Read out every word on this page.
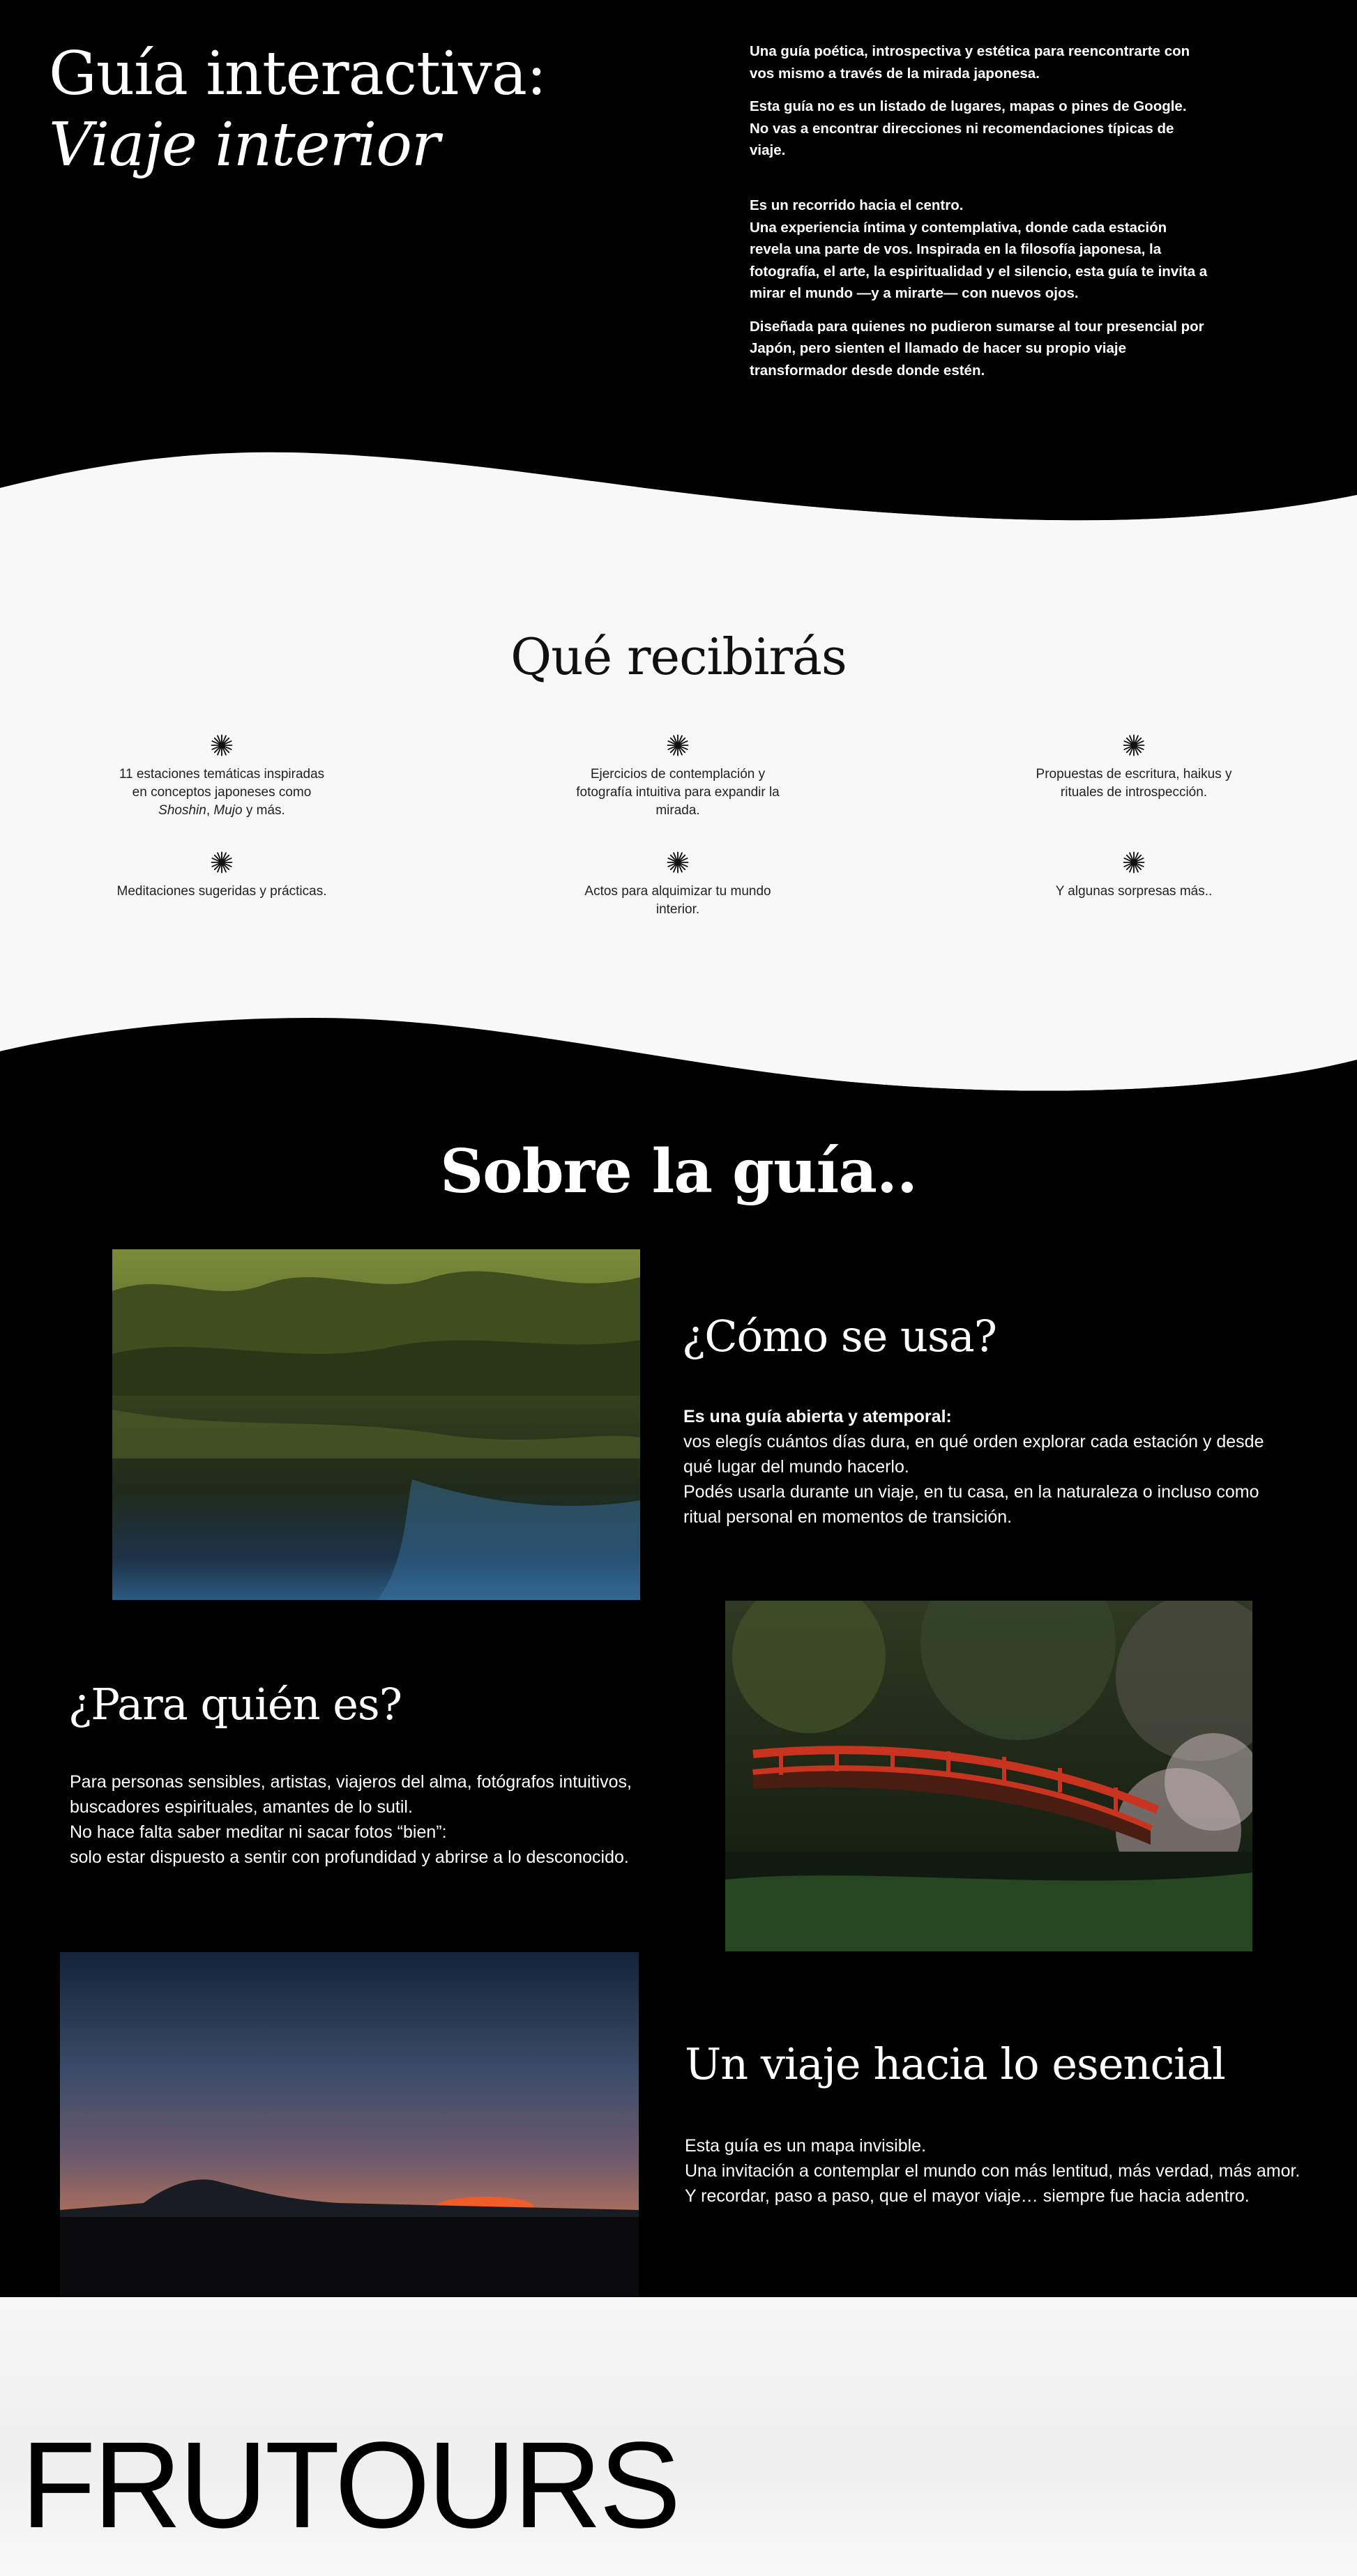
Guía interactiva:
Viaje interior

Una guía poética, introspectiva y estética para reencontrarte con vos mismo a través de la mirada japonesa.

Esta guía no es un listado de lugares, mapas o pines de Google.
No vas a encontrar direcciones ni recomendaciones típicas de viaje.

Es un recorrido hacia el centro.
Una experiencia íntima y contemplativa, donde cada estación revela una parte de vos. Inspirada en la filosofía japonesa, la fotografía, el arte, la espiritualidad y el silencio, esta guía te invita a mirar el mundo —y a mirarte— con nuevos ojos.

Diseñada para quienes no pudieron sumarse al tour presencial por Japón, pero sienten el llamado de hacer su propio viaje transformador desde donde estén.

Qué recibirás
11 estaciones temáticas inspiradas en conceptos japoneses como Shoshin, Mujo y más.
Ejercicios de contemplación y fotografía intuitiva para expandir la mirada.
Propuestas de escritura, haikus y rituales de introspección.
Meditaciones sugeridas y prácticas.	Actos para alquimizar tu mundo interior.
Y algunas sorpresas más..
Sobre la guía..
¿Cómo se usa?
Es una guía abierta y atemporal:
vos elegís cuántos días dura, en qué orden explorar cada estación y desde qué lugar del mundo hacerlo.
Podés usarla durante un viaje, en tu casa, en la naturaleza o incluso como ritual personal en momentos de transición.
¿Para quién es?
Para personas sensibles, artistas, viajeros del alma, fotógrafos intuitivos, buscadores espirituales, amantes de lo sutil.
No hace falta saber meditar ni sacar fotos “bien”:
solo estar dispuesto a sentir con profundidad y abrirse a lo desconocido.
Un viaje hacia lo esencial
Esta guía es un mapa invisible.
Una invitación a contemplar el mundo con más lentitud, más verdad, más amor.
Y recordar, paso a paso, que el mayor viaje… siempre fue hacia adentro.
FRUTOURS
